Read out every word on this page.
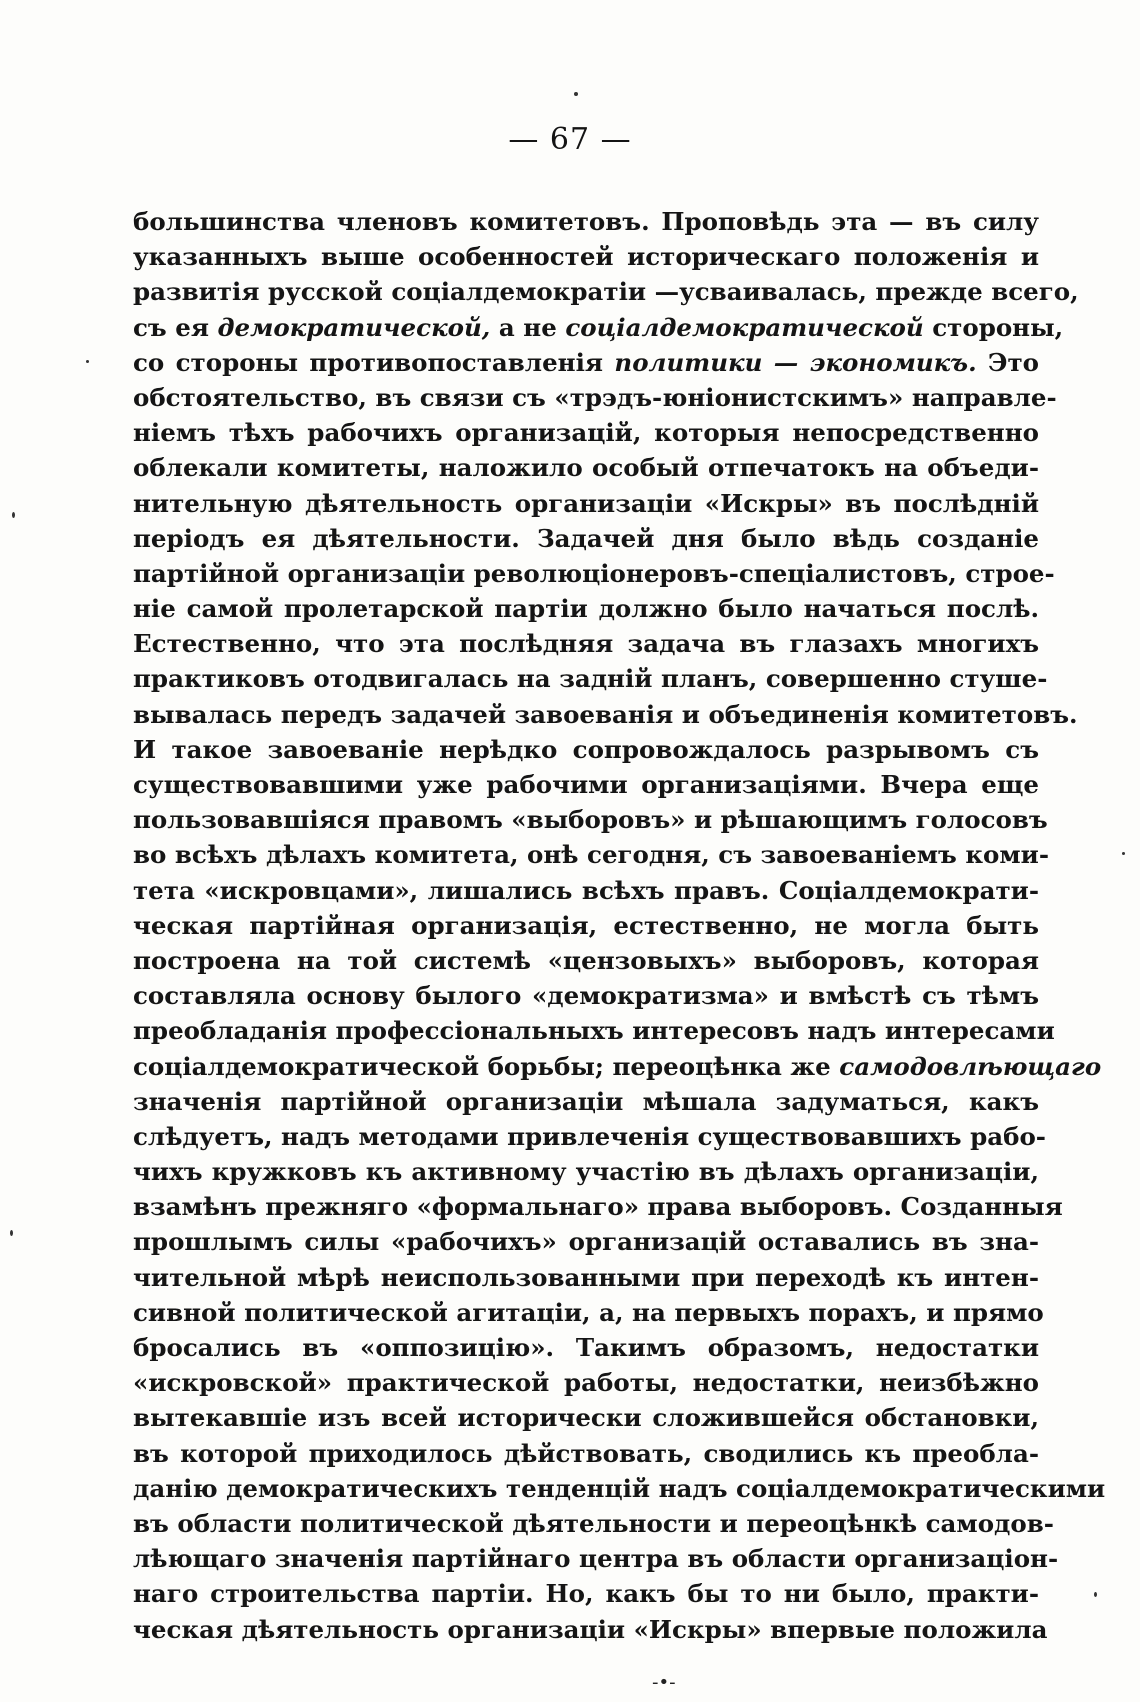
— 67 —
большинства членовъ комитетовъ. Проповѣдь эта — въ силу
указанныхъ выше особенностей историческаго положенія и
развитія русской соціалдемократіи —усваивалась, прежде всего,
съ ея демократической, а не соціалдемократической стороны,
со стороны противопоставленія политики — экономикъ. Это
обстоятельство, въ связи съ «трэдъ-юніонистскимъ» направле-
ніемъ тѣхъ рабочихъ организацій, которыя непосредственно
облекали комитеты, наложило особый отпечатокъ на объеди-
нительную дѣятельность организаціи «Искры» въ послѣдній
періодъ ея дѣятельности. Задачей дня было вѣдь созданіе
партійной организаціи революціонеровъ-спеціалистовъ, строе-
ніе самой пролетарской партіи должно было начаться послѣ.
Естественно, что эта послѣдняя задача въ глазахъ многихъ
практиковъ отодвигалась на задній планъ, совершенно стуше-
вывалась передъ задачей завоеванія и объединенія комитетовъ.
И такое завоеваніе нерѣдко сопровождалось разрывомъ съ
существовавшими уже рабочими организаціями. Вчера еще
пользовавшіяся правомъ «выборовъ» и рѣшающимъ голосовъ
во всѣхъ дѣлахъ комитета, онѣ сегодня, съ завоеваніемъ коми-
тета «искровцами», лишались всѣхъ правъ. Соціалдемократи-
ческая партійная организація, естественно, не могла быть
построена на той системѣ «цензовыхъ» выборовъ, которая
составляла основу былого «демократизма» и вмѣстѣ съ тѣмъ
преобладанія профессіональныхъ интересовъ надъ интересами
соціалдемократической борьбы; переоцѣнка же самодовлѣющаго
значенія партійной организаціи мѣшала задуматься, какъ
слѣдуетъ, надъ методами привлеченія существовавшихъ рабо-
чихъ кружковъ къ активному участію въ дѣлахъ организаціи,
взамѣнъ прежняго «формальнаго» права выборовъ. Созданныя
прошлымъ силы «рабочихъ» организацій оставались въ зна-
чительной мѣрѣ неиспользованными при переходѣ къ интен-
сивной политической агитаціи, а, на первыхъ порахъ, и прямо
бросались въ «оппозицію». Такимъ образомъ, недостатки
«искровской» практической работы, недостатки, неизбѣжно
вытекавшіе изъ всей исторически сложившейся обстановки,
въ которой приходилось дѣйствовать, сводились къ преобла-
данію демократическихъ тенденцій надъ соціалдемократическими
въ области политической дѣятельности и переоцѣнкѣ самодов-
лѣющаго значенія партійнаго центра въ области организаціон-
наго строительства партіи. Но, какъ бы то ни было, практи-
ческая дѣятельность организаціи «Искры» впервые положила
-•-
